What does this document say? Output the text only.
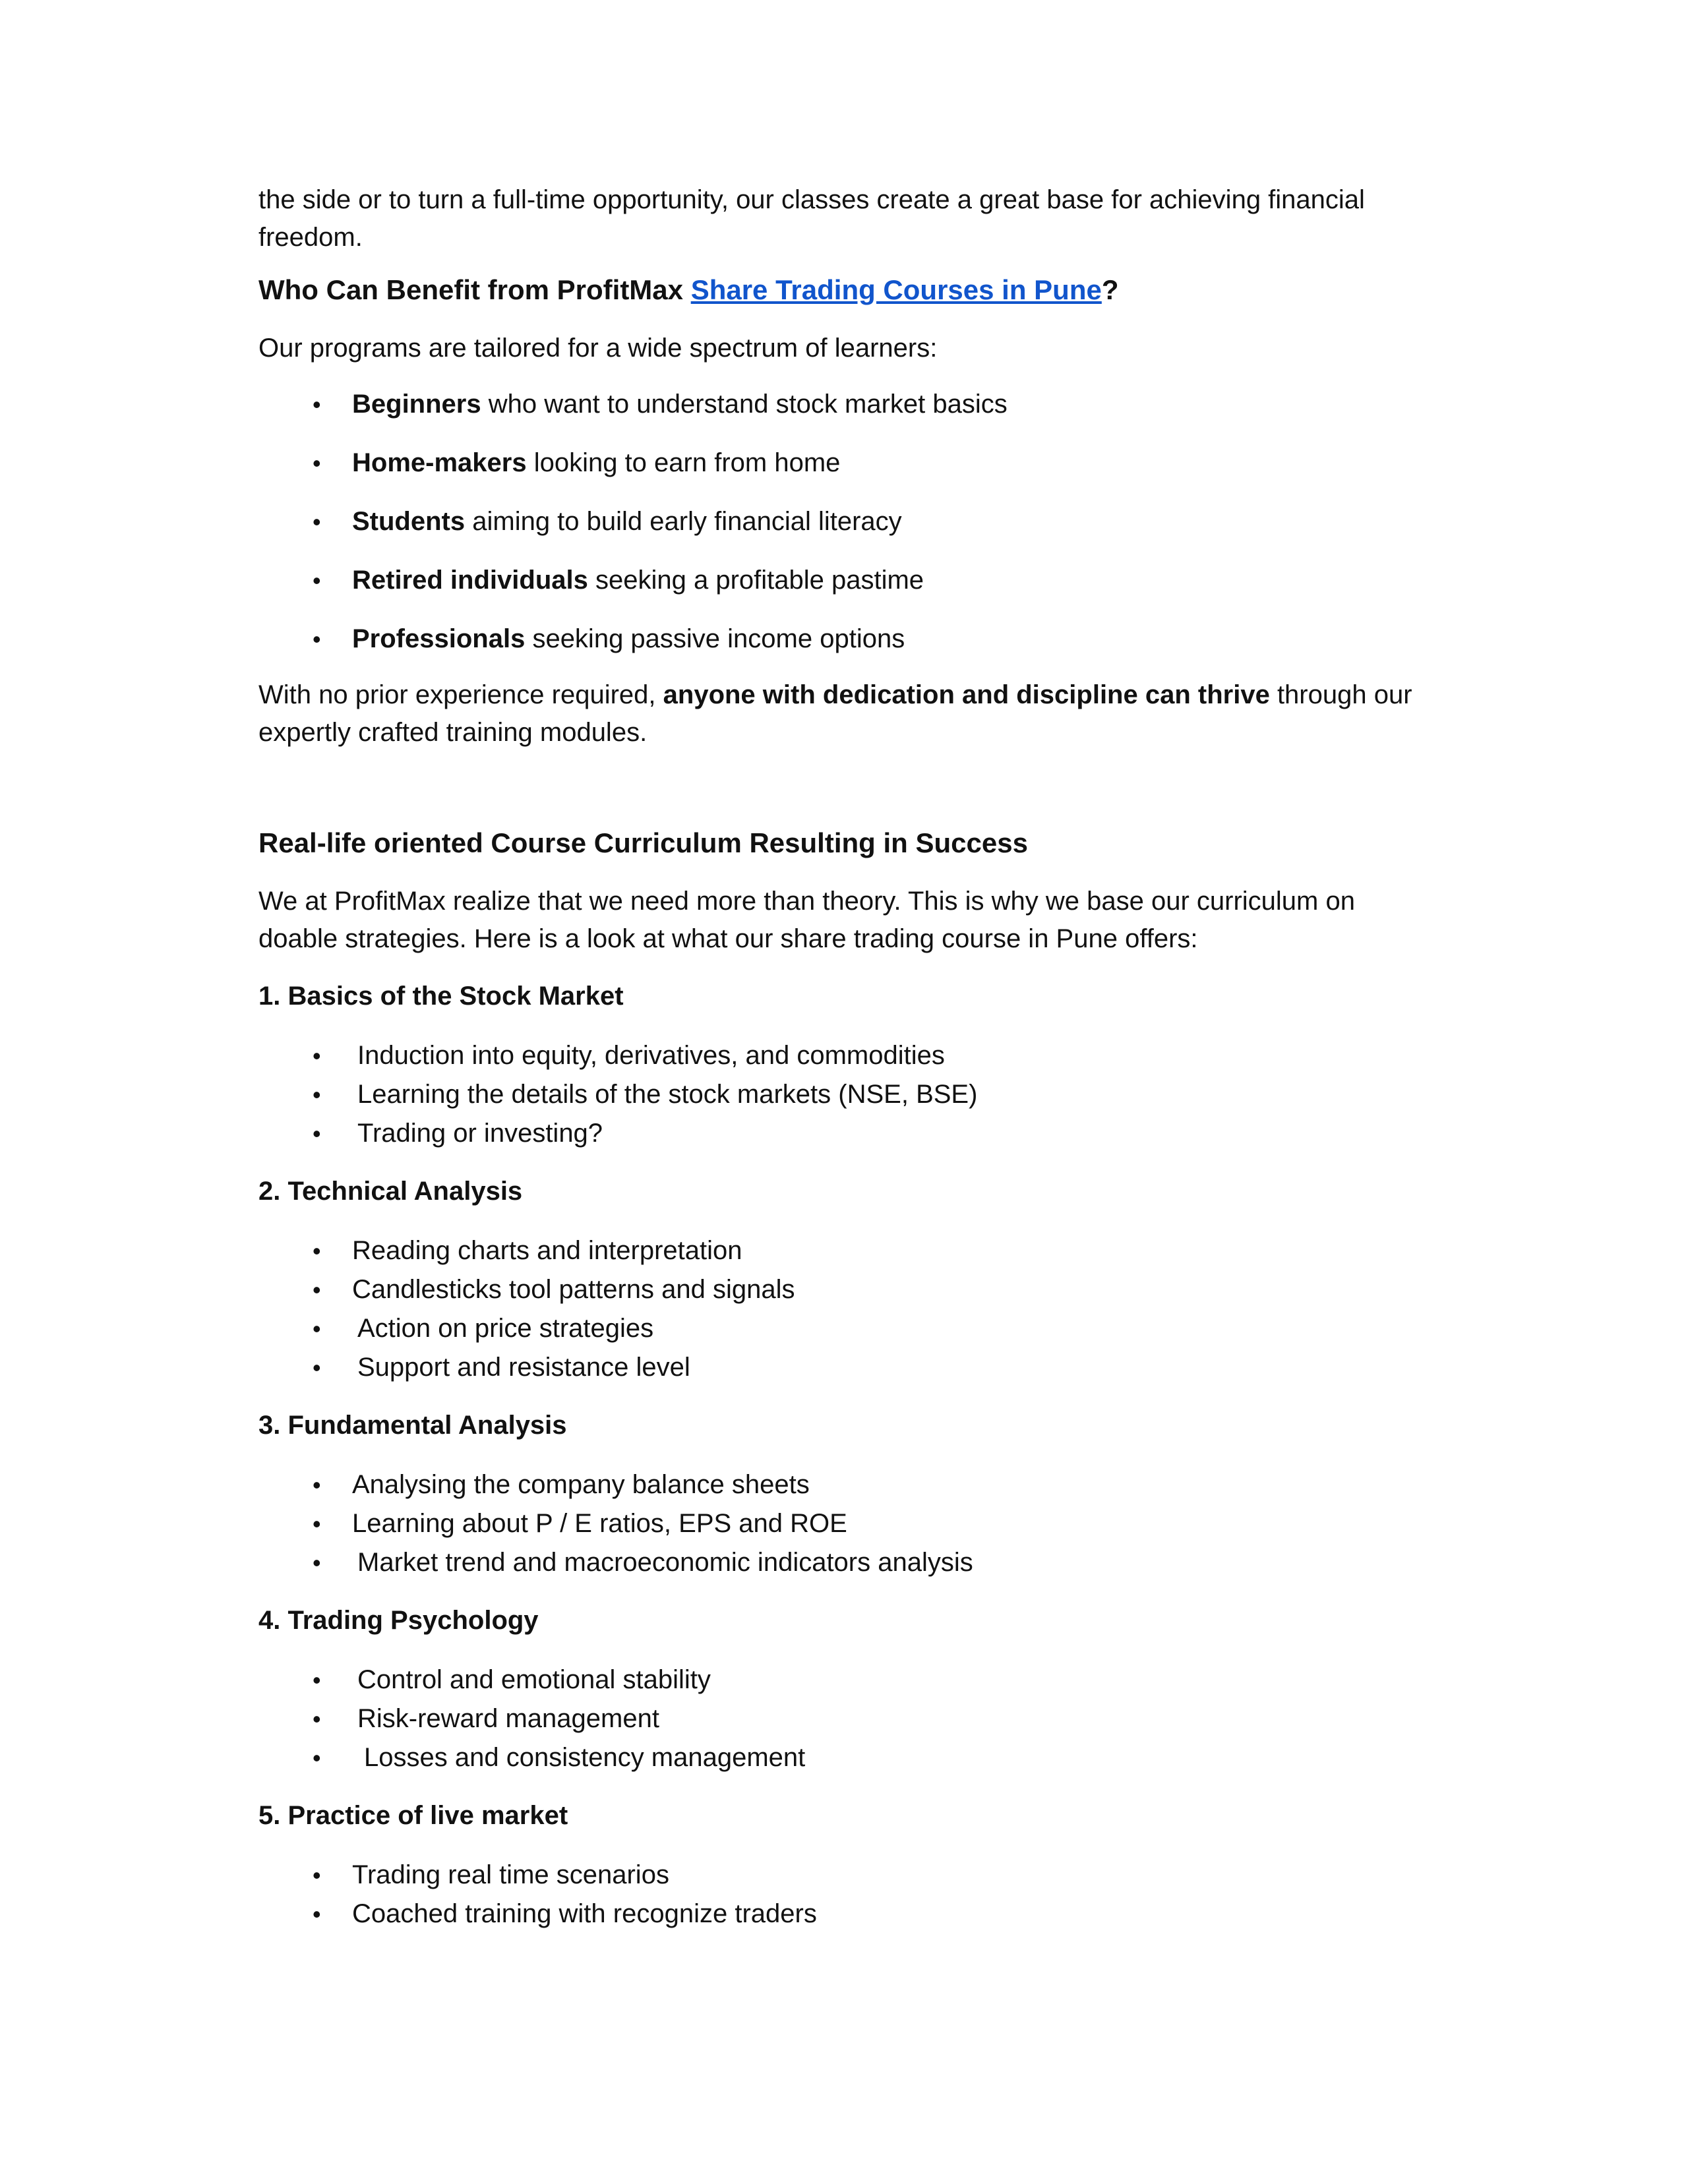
the side or to turn a full-time opportunity, our classes create a great base for achieving financial
freedom.

Who Can Benefit from ProfitMax Share Trading Courses in Pune?

Our programs are tailored for a wide spectrum of learners:

• Beginners who want to understand stock market basics
• Home-makers looking to earn from home
• Students aiming to build early financial literacy
• Retired individuals seeking a profitable pastime
• Professionals seeking passive income options

With no prior experience required, anyone with dedication and discipline can thrive through our
expertly crafted training modules.

Real-life oriented Course Curriculum Resulting in Success

We at ProfitMax realize that we need more than theory. This is why we base our curriculum on
doable strategies. Here is a look at what our share trading course in Pune offers:

1. Basics of the Stock Market
• Induction into equity, derivatives, and commodities
• Learning the details of the stock markets (NSE, BSE)
• Trading or investing?
2. Technical Analysis
• Reading charts and interpretation
• Candlesticks tool patterns and signals
• Action on price strategies
• Support and resistance level
3. Fundamental Analysis
• Analysing the company balance sheets
• Learning about P / E ratios, EPS and ROE
• Market trend and macroeconomic indicators analysis
4. Trading Psychology
• Control and emotional stability
• Risk-reward management
• Losses and consistency management
5. Practice of live market
• Trading real time scenarios
• Coached training with recognize traders
